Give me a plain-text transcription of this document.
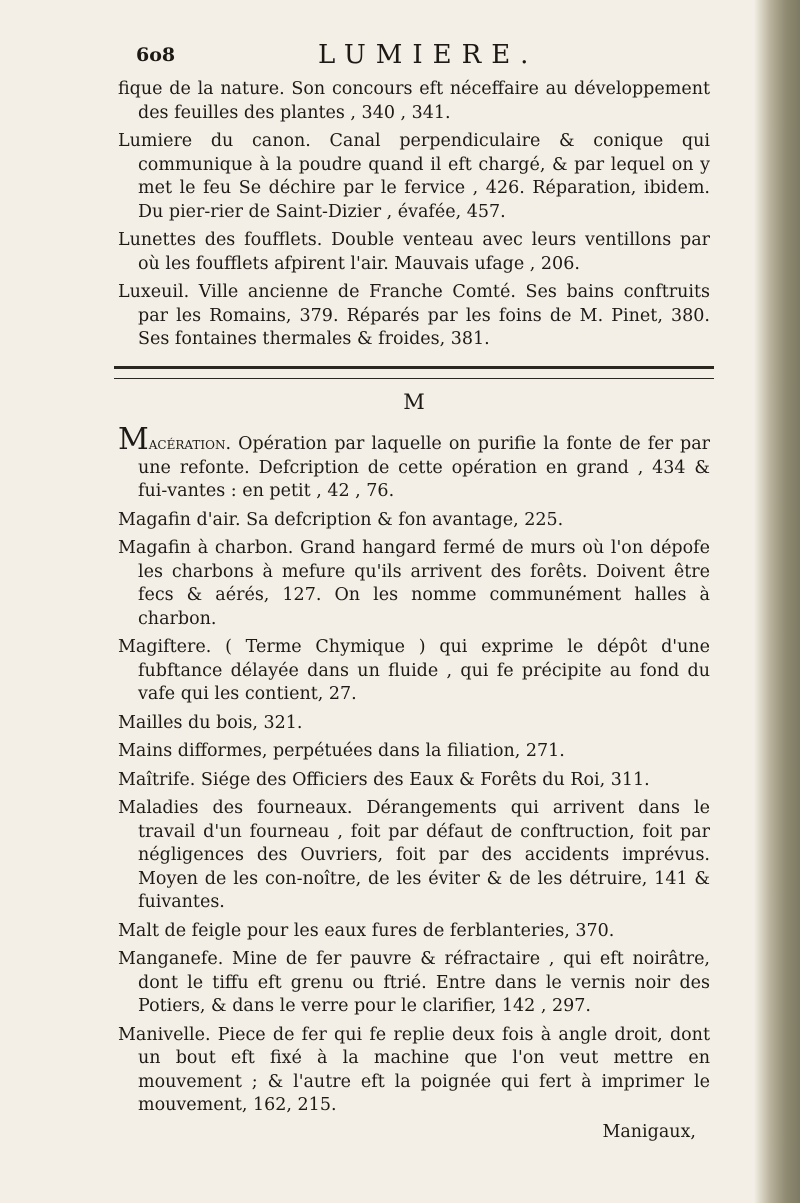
6o8	LUMIERE.

fique de la nature. Son concours eft néceffaire au développement des feuilles des plantes , 340 , 341.

Lumiere du canon. Canal perpendiculaire & conique qui communique à la poudre quand il eft chargé, & par lequel on y met le feu Se déchire par le fervice , 426. Réparation, ibidem. Du pier-rier de Saint-Dizier , évafée, 457.

Lunettes des foufflets. Double venteau avec leurs ventillons par où les foufflets afpirent l'air. Mauvais ufage , 206.

Luxeuil. Ville ancienne de Franche Comté. Ses bains conftruits par les Romains, 379. Réparés par les foins de M. Pinet, 380. Ses fontaines thermales & froides, 381.

M

Macération. Opération par laquelle on purifie la fonte de fer par une refonte. Defcription de cette opération en grand , 434 & fui-vantes : en petit , 42 , 76.

Magafin d'air. Sa defcription & fon avantage, 225.

Magafin à charbon. Grand hangard fermé de murs où l'on dépofe les charbons à mefure qu'ils arrivent des forêts. Doivent être fecs & aérés, 127. On les nomme communément halles à charbon.

Magiftere. ( Terme Chymique ) qui exprime le dépôt d'une fubftance délayée dans un fluide , qui fe précipite au fond du vafe qui les contient, 27.

Mailles du bois, 321.

Mains difformes, perpétuées dans la filiation, 271.

Maîtrife. Siége des Officiers des Eaux & Forêts du Roi, 311.

Maladies des fourneaux. Dérangements qui arrivent dans le travail d'un fourneau , foit par défaut de conftruction, foit par négligences des Ouvriers, foit par des accidents imprévus. Moyen de les con-noître, de les éviter & de les détruire, 141 & fuivantes.

Malt de feigle pour les eaux fures de ferblanteries, 370.

Manganefe. Mine de fer pauvre & réfractaire , qui eft noirâtre, dont le tiffu eft grenu ou ftrié. Entre dans le vernis noir des Potiers, & dans le verre pour le clarifier, 142 , 297.

Manivelle. Piece de fer qui fe replie deux fois à angle droit, dont un bout eft fixé à la machine que l'on veut mettre en mouvement ; & l'autre eft la poignée qui fert à imprimer le mouvement, 162, 215.

Manigaux,
